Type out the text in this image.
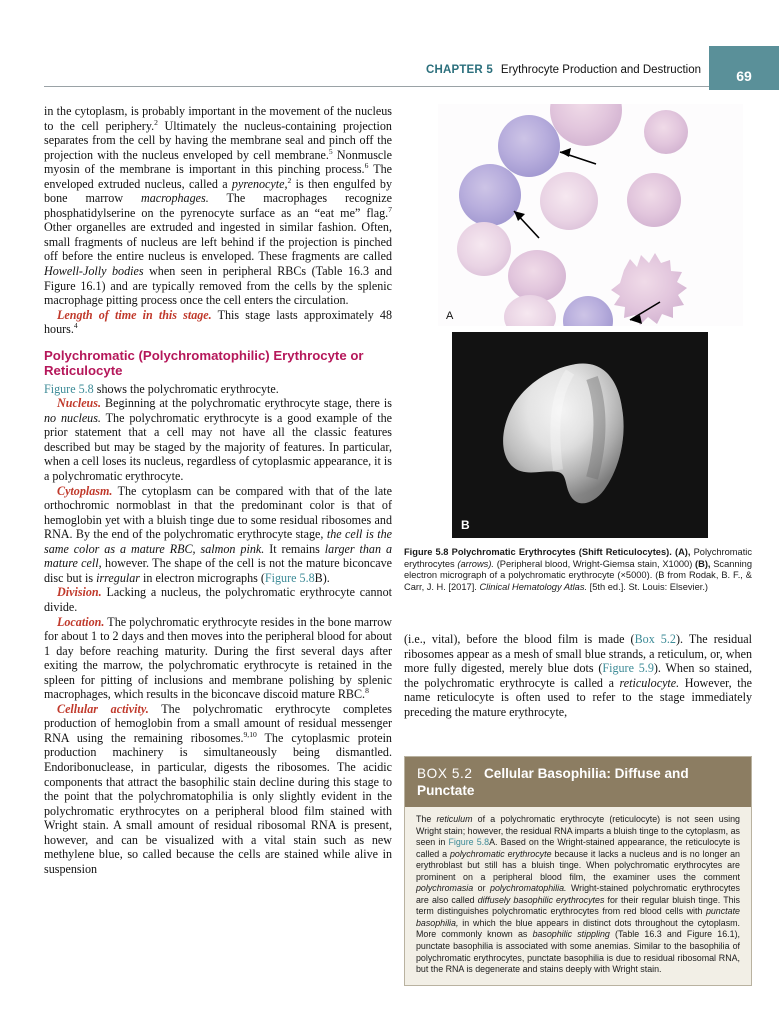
69
CHAPTER 5 Erythrocyte Production and Destruction

in the cytoplasm, is probably important in the movement of the nucleus to the cell periphery.$^2$ Ultimately the nucleus-containing projection separates from the cell by having the membrane seal and pinch off the projection with the nucleus enveloped by cell membrane.$^5$ Nonmuscle myosin of the membrane is important in this pinching process.$^6$ The enveloped extruded nucleus, called a pyrenocyte,$^2$ is then engulfed by bone marrow macrophages. The macrophages recognize phosphatidylserine on the pyrenocyte surface as an “eat me” flag.$^7$ Other organelles are extruded and ingested in similar fashion. Often, small fragments of nucleus are left behind if the projection is pinched off before the entire nucleus is enveloped. These fragments are called Howell-Jolly bodies when seen in peripheral RBCs (Table 16.3 and Figure 16.1) and are typically removed from the cells by the splenic macrophage pitting process once the cell enters the circulation.

Length of time in this stage. This stage lasts approximately 48 hours.$^4$

Polychromatic (Polychromatophilic) Erythrocyte or Reticulocyte

Figure 5.8 shows the polychromatic erythrocyte.

Nucleus. Beginning at the polychromatic erythrocyte stage, there is no nucleus. The polychromatic erythrocyte is a good example of the prior statement that a cell may not have all the classic features described but may be staged by the majority of features. In particular, when a cell loses its nucleus, regardless of cytoplasmic appearance, it is a polychromatic erythrocyte.

Cytoplasm. The cytoplasm can be compared with that of the late orthochromic normoblast in that the predominant color is that of hemoglobin yet with a bluish tinge due to some residual ribosomes and RNA. By the end of the polychromatic erythrocyte stage, the cell is the same color as a mature RBC, salmon pink. It remains larger than a mature cell, however. The shape of the cell is not the mature biconcave disc but is irregular in electron micrographs (Figure 5.8B).

Division. Lacking a nucleus, the polychromatic erythrocyte cannot divide.

Location. The polychromatic erythrocyte resides in the bone marrow for about 1 to 2 days and then moves into the peripheral blood for about 1 day before reaching maturity. During the first several days after exiting the marrow, the polychromatic erythrocyte is retained in the spleen for pitting of inclusions and membrane polishing by splenic macrophages, which results in the biconcave discoid mature RBC.$^8$

Cellular activity. The polychromatic erythrocyte completes production of hemoglobin from a small amount of residual messenger RNA using the remaining ribosomes.$^{9,10}$ The cytoplasmic protein production machinery is simultaneously being dismantled. Endoribonuclease, in particular, digests the ribosomes. The acidic components that attract the basophilic stain decline during this stage to the point that the polychromatophilia is only slightly evident in the polychromatic erythrocytes on a peripheral blood film stained with Wright stain. A small amount of residual ribosomal RNA is present, however, and can be visualized with a vital stain such as new methylene blue, so called because the cells are stained while alive in suspension

A
B
Figure 5.8 Polychromatic Erythrocytes (Shift Reticulocytes). (A), Polychromatic erythrocytes (arrows). (Peripheral blood, Wright-Giemsa stain, X1000) (B), Scanning electron micrograph of a polychromatic erythrocyte (×5000). (B from Rodak, B. F., & Carr, J. H. [2017]. Clinical Hematology Atlas. [5th ed.]. St. Louis: Elsevier.)

(i.e., vital), before the blood film is made (Box 5.2). The residual ribosomes appear as a mesh of small blue strands, a reticulum, or, when more fully digested, merely blue dots (Figure 5.9). When so stained, the polychromatic erythrocyte is called a reticulocyte. However, the name reticulocyte is often used to refer to the stage immediately preceding the mature erythrocyte,

BOX 5.2 Cellular Basophilia: Diffuse and Punctate
The reticulum of a polychromatic erythrocyte (reticulocyte) is not seen using Wright stain; however, the residual RNA imparts a bluish tinge to the cytoplasm, as seen in Figure 5.8A. Based on the Wright-stained appearance, the reticulocyte is called a polychromatic erythrocyte because it lacks a nucleus and is no longer an erythroblast but still has a bluish tinge. When polychromatic erythrocytes are prominent on a peripheral blood film, the examiner uses the comment polychromasia or polychromatophilia. Wright-stained polychromatic erythrocytes are also called diffusely basophilic erythrocytes for their regular bluish tinge. This term distinguishes polychromatic erythrocytes from red blood cells with punctate basophilia, in which the blue appears in distinct dots throughout the cytoplasm. More commonly known as basophilic stippling (Table 16.3 and Figure 16.1), punctate basophilia is associated with some anemias. Similar to the basophilia of polychromatic erythrocytes, punctate basophilia is due to residual ribosomal RNA, but the RNA is degenerate and stains deeply with Wright stain.
